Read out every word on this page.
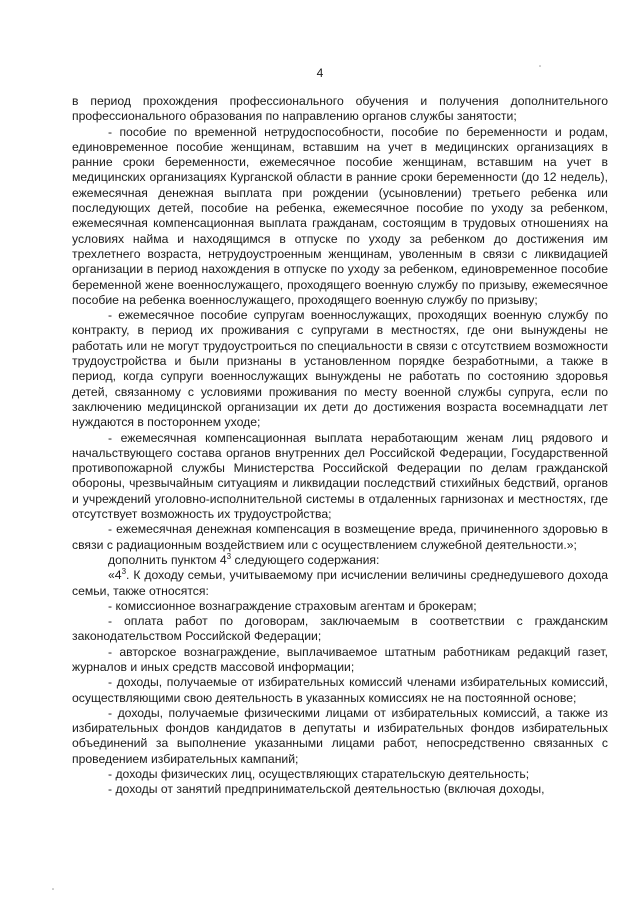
4

в период прохождения профессионального обучения и получения дополнительного профессионального образования по направлению органов службы занятости;

- пособие по временной нетрудоспособности, пособие по беременности и родам, единовременное пособие женщинам, вставшим на учет в медицинских организациях в ранние сроки беременности, ежемесячное пособие женщинам, вставшим на учет в медицинских организациях Курганской области в ранние сроки беременности (до 12 недель), ежемесячная денежная выплата при рождении (усыновлении) третьего ребенка или последующих детей, пособие на ребенка, ежемесячное пособие по уходу за ребенком, ежемесячная компенсационная выплата гражданам, состоящим в трудовых отношениях на условиях найма и находящимся в отпуске по уходу за ребенком до достижения им трехлетнего возраста, нетрудоустроенным женщинам, уволенным в связи с ликвидацией организации в период нахождения в отпуске по уходу за ребенком, единовременное пособие беременной жене военнослужащего, проходящего военную службу по призыву, ежемесячное пособие на ребенка военнослужащего, проходящего военную службу по призыву;

- ежемесячное пособие супругам военнослужащих, проходящих военную службу по контракту, в период их проживания с супругами в местностях, где они вынуждены не работать или не могут трудоустроиться по специальности в связи с отсутствием возможности трудоустройства и были признаны в установленном порядке безработными, а также в период, когда супруги военнослужащих вынуждены не работать по состоянию здоровья детей, связанному с условиями проживания по месту военной службы супруга, если по заключению медицинской организации их дети до достижения возраста восемнадцати лет нуждаются в постороннем уходе;

- ежемесячная компенсационная выплата неработающим женам лиц рядового и начальствующего состава органов внутренних дел Российской Федерации, Государственной противопожарной службы Министерства Российской Федерации по делам гражданской обороны, чрезвычайным ситуациям и ликвидации последствий стихийных бедствий, органов и учреждений уголовно-исполнительной системы в отдаленных гарнизонах и местностях, где отсутствует возможность их трудоустройства;

- ежемесячная денежная компенсация в возмещение вреда, причиненного здоровью в связи с радиационным воздействием или с осуществлением служебной деятельности.»;

дополнить пунктом $4^3$ следующего содержания:

«$4^3$. К доходу семьи, учитываемому при исчислении величины среднедушевого дохода семьи, также относятся:

- комиссионное вознаграждение страховым агентам и брокерам;

- оплата работ по договорам, заключаемым в соответствии с гражданским законодательством Российской Федерации;

- авторское вознаграждение, выплачиваемое штатным работникам редакций газет, журналов и иных средств массовой информации;

- доходы, получаемые от избирательных комиссий членами избирательных комиссий, осуществляющими свою деятельность в указанных комиссиях не на постоянной основе;

- доходы, получаемые физическими лицами от избирательных комиссий, а также из избирательных фондов кандидатов в депутаты и избирательных фондов избирательных объединений за выполнение указанными лицами работ, непосредственно связанных с проведением избирательных кампаний;

- доходы физических лиц, осуществляющих старательскую деятельность;

- доходы от занятий предпринимательской деятельностью (включая доходы,
